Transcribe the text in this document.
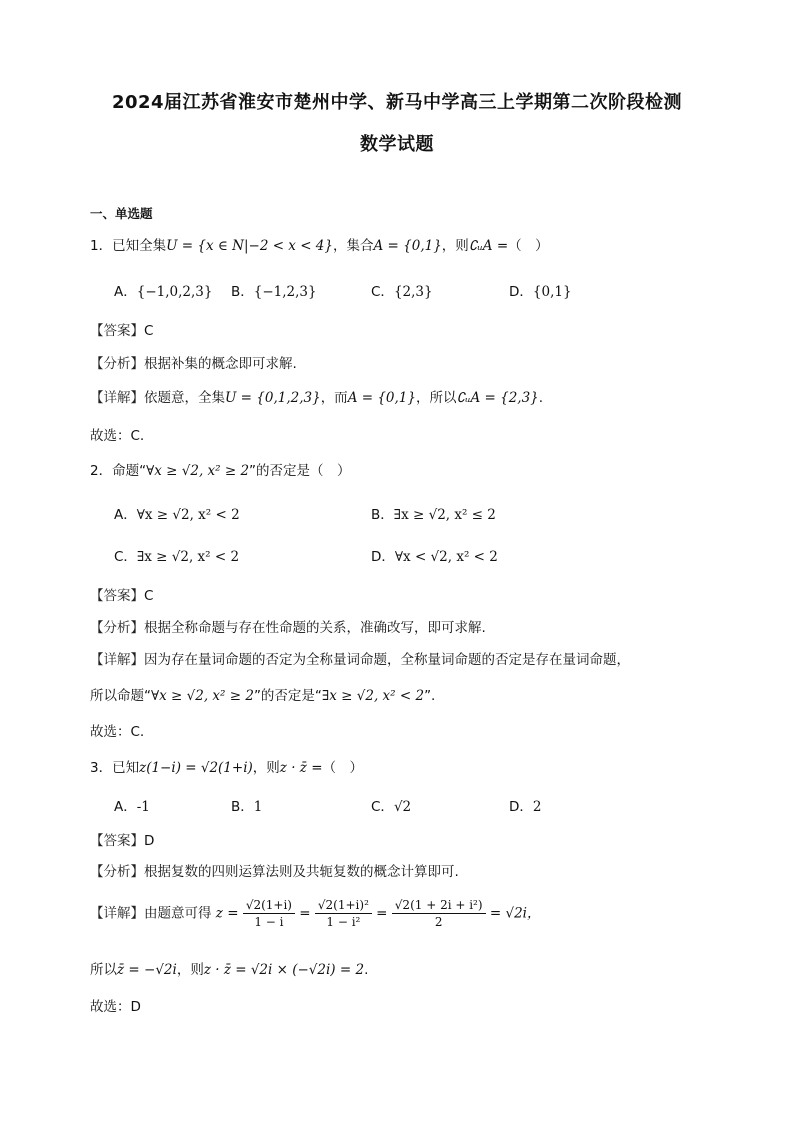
2024届江苏省淮安市楚州中学、新马中学高三上学期第二次阶段检测
数学试题
一、单选题
1．已知全集U = {x ∈ N|−2 < x < 4}，集合A = {0,1}，则∁ᵤA =（　）
A．{−1,0,2,3} B．{−1,2,3}	C．{2,3}	D．{0,1}
【答案】C
【分析】根据补集的概念即可求解.
【详解】依题意，全集U = {0,1,2,3}，而A = {0,1}，所以∁ᵤA = {2,3}.
故选：C.
2．命题“∀x ≥ √2, x² ≥ 2”的否定是（　）
A．∀x ≥ √2, x² < 2	B．∃x ≥ √2, x² ≤ 2
C．∃x ≥ √2, x² < 2	D．∀x < √2, x² < 2
【答案】C
【分析】根据全称命题与存在性命题的关系，准确改写，即可求解.
【详解】因为存在量词命题的否定为全称量词命题，全称量词命题的否定是存在量词命题，
所以命题“∀x ≥ √2, x² ≥ 2”的否定是“∃x ≥ √2, x² < 2”.
故选：C.
3．已知z(1−i) = √2(1+i)，则z · z̄ =（　）
A．-1	B．1	C．√2	D．2
【答案】D
【分析】根据复数的四则运算法则及共轭复数的概念计算即可.
【详解】由题意可得 $z = \frac{√2(1+i)}{1 - i} = \frac{\text{√2(1+i)²}}{\text{1 − i²}} = \frac{\text{√2(1 + 2i + i²)}}{2} = √2i$，
所以z̄ = −√2i，则z · z̄ = √2i × (−√2i) = 2.
故选：D
